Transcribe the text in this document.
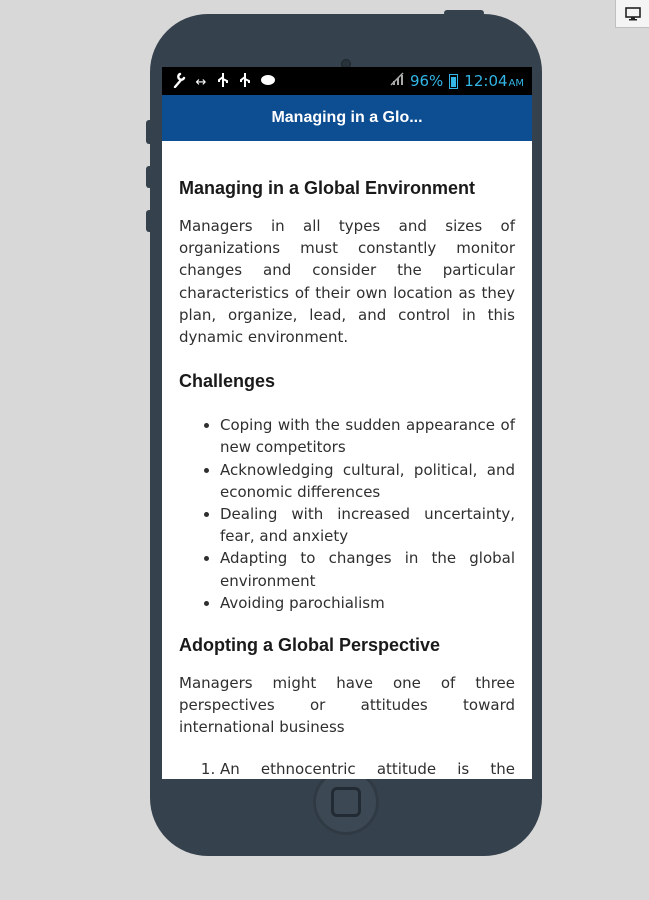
↔	96% 12:04AM
Managing in a Glo...
Managing in a Global Environment

Managers in all types and sizes of organizations must constantly monitor changes and consider the particular characteristics of their own location as they plan, organize, lead, and control in this dynamic environment.

Challenges
• Coping with the sudden appearance of new competitors
• Acknowledging cultural, political, and economic differences
• Dealing with increased uncertainty, fear, and anxiety
• Adapting to changes in the global environment
• Avoiding parochialism
Adopting a Global Perspective

Managers might have one of three perspectives or attitudes toward international business

1. An ethnocentric attitude is the
